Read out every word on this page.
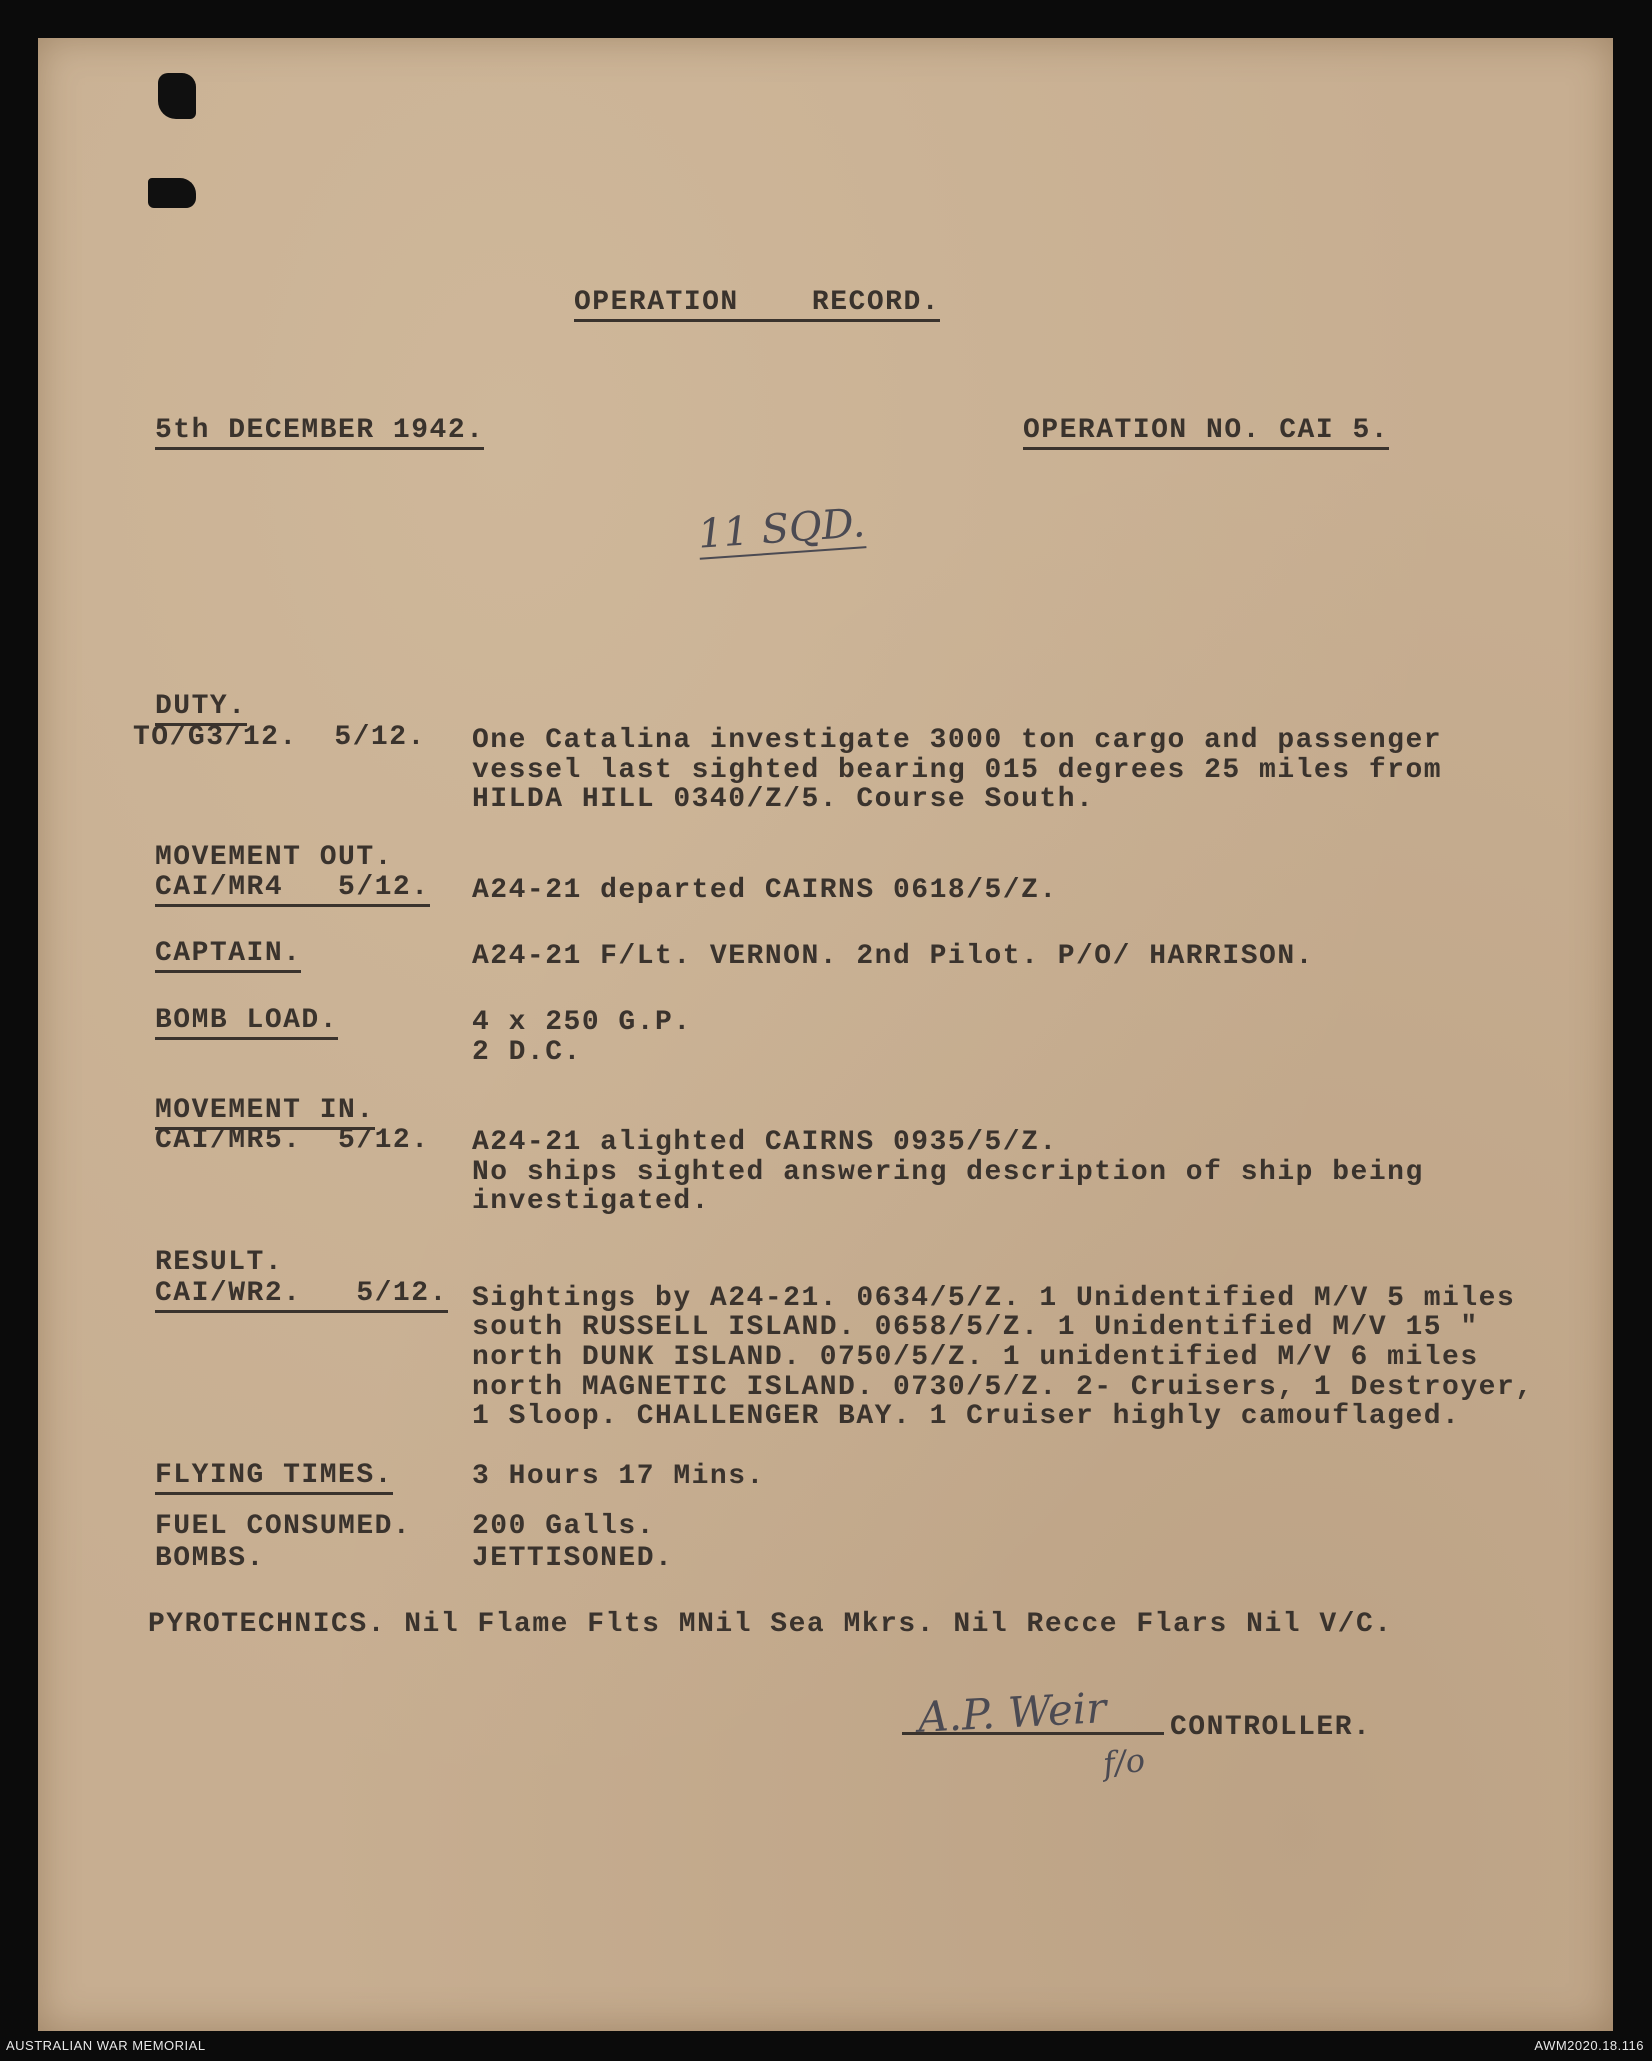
OPERATION    RECORD.
5th DECEMBER 1942.	OPERATION NO. CAI 5.
11 SQD.
DUTY.
TO/G3/12.  5/12. One Catalina investigate 3000 ton cargo and passenger
vessel last sighted bearing 015 degrees 25 miles from
HILDA HILL 0340/Z/5. Course South.
MOVEMENT OUT.
CAI/MR4   5/12. A24-21 departed CAIRNS 0618/5/Z.
CAPTAIN.	A24-21 F/Lt. VERNON. 2nd Pilot. P/O/ HARRISON.
BOMB LOAD.	4 x 250 G.P.
2 D.C.
MOVEMENT IN.
CAI/MR5.  5/12. A24-21 alighted CAIRNS 0935/5/Z.
No ships sighted answering description of ship being
investigated.
RESULT.
CAI/WR2.   5/12. Sightings by A24-21. 0634/5/Z. 1 Unidentified M/V 5 miles
south RUSSELL ISLAND. 0658/5/Z. 1 Unidentified M/V 15 "
north DUNK ISLAND. 0750/5/Z. 1 unidentified M/V 6 miles
north MAGNETIC ISLAND. 0730/5/Z. 2- Cruisers, 1 Destroyer,
1 Sloop. CHALLENGER BAY. 1 Cruiser highly camouflaged.
FLYING TIMES.	3 Hours 17 Mins.
FUEL CONSUMED. 200 Galls.
BOMBS.	JETTISONED.
PYROTECHNICS. Nil Flame Flts MNil Sea Mkrs. Nil Recce Flars Nil V/C.
A.P. Weir
f/o
CONTROLLER.
AUSTRALIAN WAR MEMORIAL	AWM2020.18.116
